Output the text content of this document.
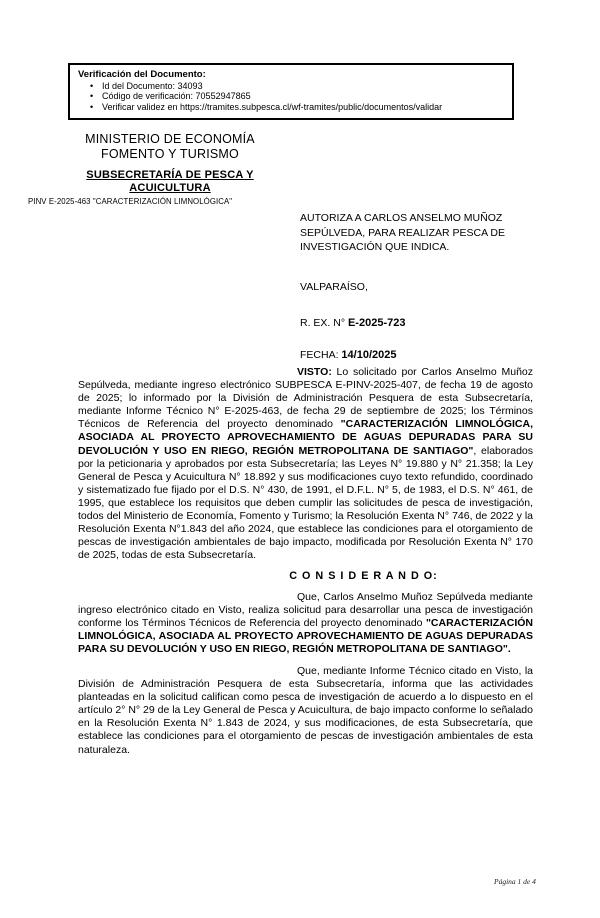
Verificación del Documento:
• Id del Documento: 34093
• Código de verificación: 70552947865
• Verificar validez en https://tramites.subpesca.cl/wf-tramites/public/documentos/validar
MINISTERIO DE ECONOMÍA
FOMENTO Y TURISMO
SUBSECRETARÍA DE PESCA Y ACUICULTURA
PINV E-2025-463 "CARACTERIZACIÓN LIMNOLÓGICA"
AUTORIZA A CARLOS ANSELMO MUÑOZ SEPÚLVEDA, PARA REALIZAR PESCA DE INVESTIGACIÓN QUE INDICA.
VALPARAÍSO,
R. EX. N° E-2025-723
FECHA: 14/10/2025

VISTO: Lo solicitado por Carlos Anselmo Muñoz Sepúlveda, mediante ingreso electrónico SUBPESCA E-PINV-2025-407, de fecha 19 de agosto de 2025; lo informado por la División de Administración Pesquera de esta Subsecretaría, mediante Informe Técnico N° E-2025-463, de fecha 29 de septiembre de 2025; los Términos Técnicos de Referencia del proyecto denominado "CARACTERIZACIÓN LIMNOLÓGICA, ASOCIADA AL PROYECTO APROVECHAMIENTO DE AGUAS DEPURADAS PARA SU DEVOLUCIÓN Y USO EN RIEGO, REGIÓN METROPOLITANA DE SANTIAGO", elaborados por la peticionaria y aprobados por esta Subsecretaría; las Leyes N° 19.880 y N° 21.358; la Ley General de Pesca y Acuicultura N° 18.892 y sus modificaciones cuyo texto refundido, coordinado y sistematizado fue fijado por el D.S. N° 430, de 1991, el D.F.L. N° 5, de 1983, el D.S. N° 461, de 1995, que establece los requisitos que deben cumplir las solicitudes de pesca de investigación, todos del Ministerio de Economía, Fomento y Turismo; la Resolución Exenta N° 746, de 2022 y la Resolución Exenta N°1.843 del año 2024, que establece las condiciones para el otorgamiento de pescas de investigación ambientales de bajo impacto, modificada por Resolución Exenta N° 170 de 2025, todas de esta Subsecretaría.

C O N S I D E R A N D O:

Que, Carlos Anselmo Muñoz Sepúlveda mediante ingreso electrónico citado en Visto, realiza solicitud para desarrollar una pesca de investigación conforme los Términos Técnicos de Referencia del proyecto denominado "CARACTERIZACIÓN LIMNOLÓGICA, ASOCIADA AL PROYECTO APROVECHAMIENTO DE AGUAS DEPURADAS PARA SU DEVOLUCIÓN Y USO EN RIEGO, REGIÓN METROPOLITANA DE SANTIAGO".

Que, mediante Informe Técnico citado en Visto, la División de Administración Pesquera de esta Subsecretaría, informa que las actividades planteadas en la solicitud califican como pesca de investigación de acuerdo a lo dispuesto en el artículo 2° N° 29 de la Ley General de Pesca y Acuicultura, de bajo impacto conforme lo señalado en la Resolución Exenta N° 1.843 de 2024, y sus modificaciones, de esta Subsecretaría, que establece las condiciones para el otorgamiento de pescas de investigación ambientales de esta naturaleza.

Página 1 de 4
